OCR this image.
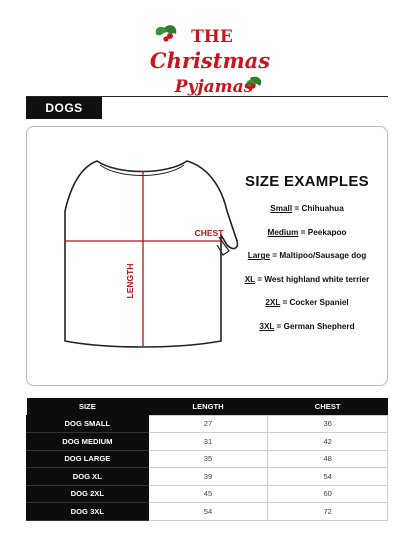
THE
Christmas
Pyjamas
DOGS
CHEST
LENGTH
SIZE EXAMPLES
Small = Chihuahua
Medium = Peekapoo
Large = Maltipoo/Sausage dog
XL = West highland white terrier
2XL = Cocker Spaniel
3XL = German Shepherd
SIZE	LENGTH	CHEST
DOG SMALL	27	36
DOG MEDIUM	31	42
DOG LARGE	35	48
DOG XL	39	54
DOG 2XL	45	60
DOG 3XL	54	72
